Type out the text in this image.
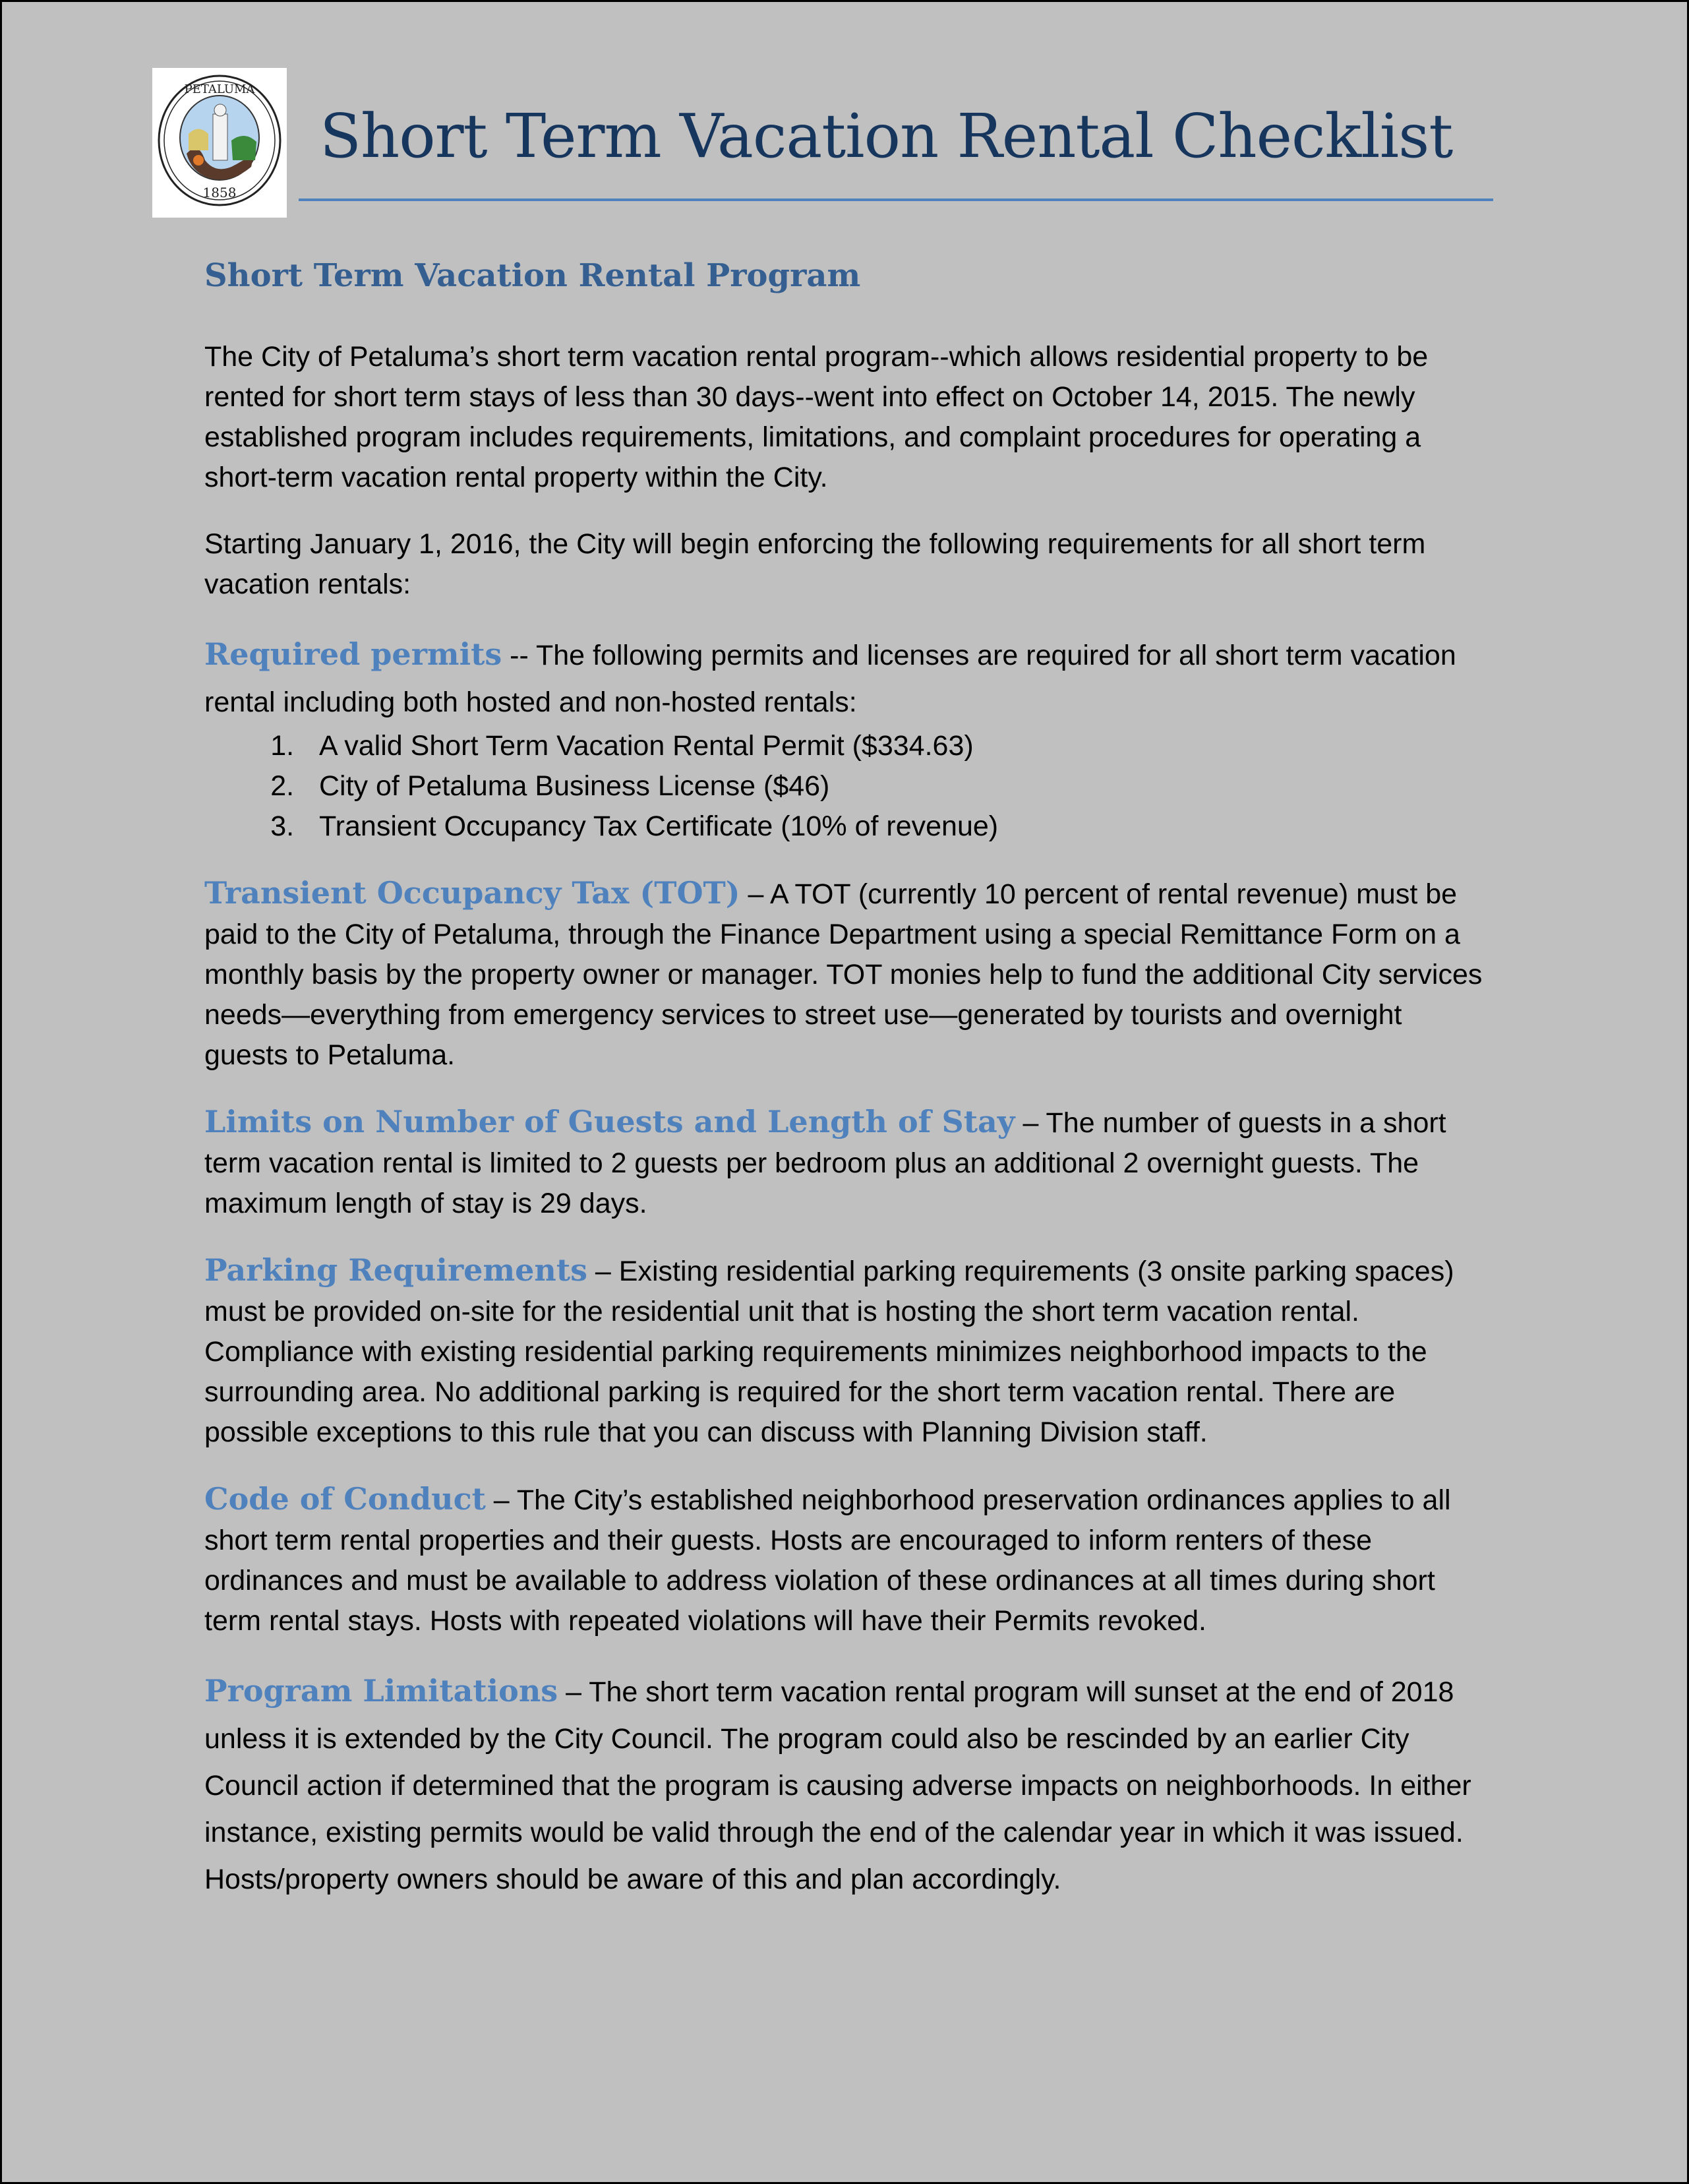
PETALUMA
1858
Short Term Vacation Rental Checklist
Short Term Vacation Rental Program

The City of Petaluma’s short term vacation rental program--which allows residential property to be rented for short term stays of less than 30 days--went into effect on October 14, 2015. The newly established program includes requirements, limitations, and complaint procedures for operating a short-term vacation rental property within the City.

Starting January 1, 2016, the City will begin enforcing the following requirements for all short term vacation rentals:

Required permits -- The following permits and licenses are required for all short term vacation rental including both hosted and non-hosted rentals:

1. A valid Short Term Vacation Rental Permit ($334.63)
2. City of Petaluma Business License ($46)
3. Transient Occupancy Tax Certificate (10% of revenue)

Transient Occupancy Tax (TOT) – A TOT (currently 10 percent of rental revenue) must be paid to the City of Petaluma, through the Finance Department using a special Remittance Form on a monthly basis by the property owner or manager. TOT monies help to fund the additional City services needs—everything from emergency services to street use—generated by tourists and overnight guests to Petaluma.

Limits on Number of Guests and Length of Stay – The number of guests in a short term vacation rental is limited to 2 guests per bedroom plus an additional 2 overnight guests. The maximum length of stay is 29 days.

Parking Requirements – Existing residential parking requirements (3 onsite parking spaces) must be provided on-site for the residential unit that is hosting the short term vacation rental. Compliance with existing residential parking requirements minimizes neighborhood impacts to the surrounding area. No additional parking is required for the short term vacation rental. There are possible exceptions to this rule that you can discuss with Planning Division staff.

Code of Conduct – The City’s established neighborhood preservation ordinances applies to all short term rental properties and their guests. Hosts are encouraged to inform renters of these ordinances and must be available to address violation of these ordinances at all times during short term rental stays. Hosts with repeated violations will have their Permits revoked.

Program Limitations – The short term vacation rental program will sunset at the end of 2018 unless it is extended by the City Council. The program could also be rescinded by an earlier City Council action if determined that the program is causing adverse impacts on neighborhoods. In either instance, existing permits would be valid through the end of the calendar year in which it was issued. Hosts/property owners should be aware of this and plan accordingly.
